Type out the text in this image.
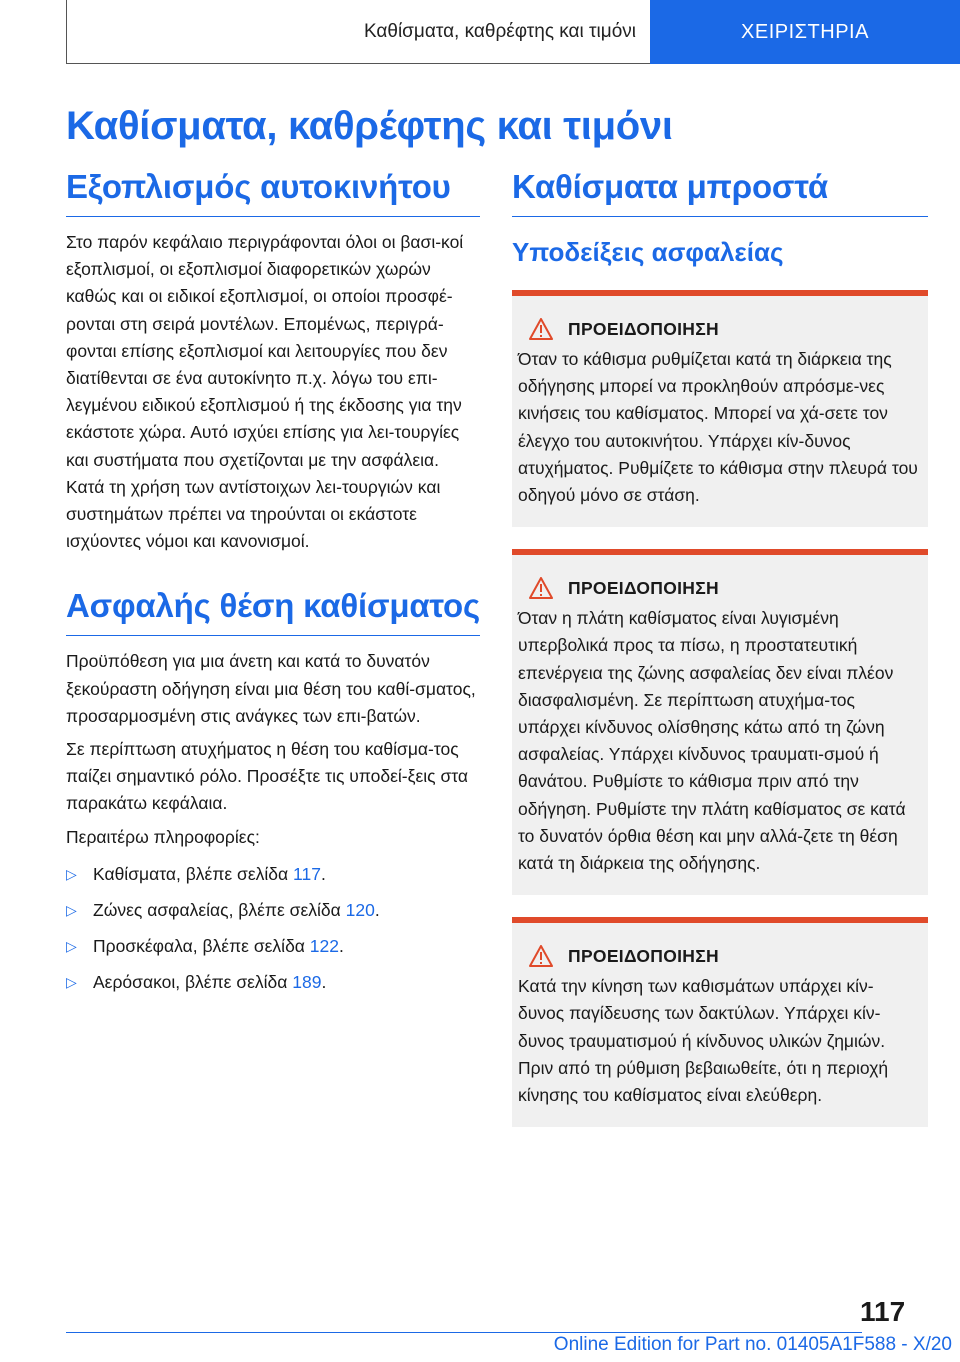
Καθίσματα, καθρέφτης και τιμόνι	ΧΕΙΡΙΣΤΗΡΙΑ
Καθίσματα, καθρέφτης και τιμόνι
Εξοπλισμός αυτοκινήτου

Στο παρόν κεφάλαιο περιγράφονται όλοι οι βασι-κοί εξοπλισμοί, οι εξοπλισμοί διαφορετικών χωρών καθώς και οι ειδικοί εξοπλισμοί, οι οποίοι προσφέ-ρονται στη σειρά μοντέλων. Επομένως, περιγρά-φονται επίσης εξοπλισμοί και λειτουργίες που δεν διατίθενται σε ένα αυτοκίνητο π.χ. λόγω του επι-λεγμένου ειδικού εξοπλισμού ή της έκδοσης για την εκάστοτε χώρα. Αυτό ισχύει επίσης για λει-τουργίες και συστήματα που σχετίζονται με την ασφάλεια. Κατά τη χρήση των αντίστοιχων λει-τουργιών και συστημάτων πρέπει να τηρούνται οι εκάστοτε ισχύοντες νόμοι και κανονισμοί.

Ασφαλής θέση καθίσματος

Προϋπόθεση για μια άνετη και κατά το δυνατόν ξεκούραστη οδήγηση είναι μια θέση του καθί-σματος, προσαρμοσμένη στις ανάγκες των επι-βατών.

Σε περίπτωση ατυχήματος η θέση του καθίσμα-τος παίζει σημαντικό ρόλο. Προσέξτε τις υποδεί-ξεις στα παρακάτω κεφάλαια.

Περαιτέρω πληροφορίες:

▷ Καθίσματα, βλέπε σελίδα 117.
▷ Ζώνες ασφαλείας, βλέπε σελίδα 120.
▷ Προσκέφαλα, βλέπε σελίδα 122.
▷ Αερόσακοι, βλέπε σελίδα 189.
Καθίσματα μπροστά
Υποδείξεις ασφαλείας
ΠΡΟΕΙΔΟΠΟΙΗΣΗ

Όταν το κάθισμα ρυθμίζεται κατά τη διάρκεια της οδήγησης μπορεί να προκληθούν απρόσμε-νες κινήσεις του καθίσματος. Μπορεί να χά-σετε τον έλεγχο του αυτοκινήτου. Υπάρχει κίν-δυνος ατυχήματος. Ρυθμίζετε το κάθισμα στην πλευρά του οδηγού μόνο σε στάση.

ΠΡΟΕΙΔΟΠΟΙΗΣΗ

Όταν η πλάτη καθίσματος είναι λυγισμένη υπερβολικά προς τα πίσω, η προστατευτική επενέργεια της ζώνης ασφαλείας δεν είναι πλέον διασφαλισμένη. Σε περίπτωση ατυχήμα-τος υπάρχει κίνδυνος ολίσθησης κάτω από τη ζώνη ασφαλείας. Υπάρχει κίνδυνος τραυματι-σμού ή θανάτου. Ρυθμίστε το κάθισμα πριν από την οδήγηση. Ρυθμίστε την πλάτη καθίσματος σε κατά το δυνατόν όρθια θέση και μην αλλά-ζετε τη θέση κατά τη διάρκεια της οδήγησης.

ΠΡΟΕΙΔΟΠΟΙΗΣΗ

Κατά την κίνηση των καθισμάτων υπάρχει κίν-δυνος παγίδευσης των δακτύλων. Υπάρχει κίν-δυνος τραυματισμού ή κίνδυνος υλικών ζημιών. Πριν από τη ρύθμιση βεβαιωθείτε, ότι η περιοχή κίνησης του καθίσματος είναι ελεύθερη.

117
Online Edition for Part no. 01405A1F588 - X/20
